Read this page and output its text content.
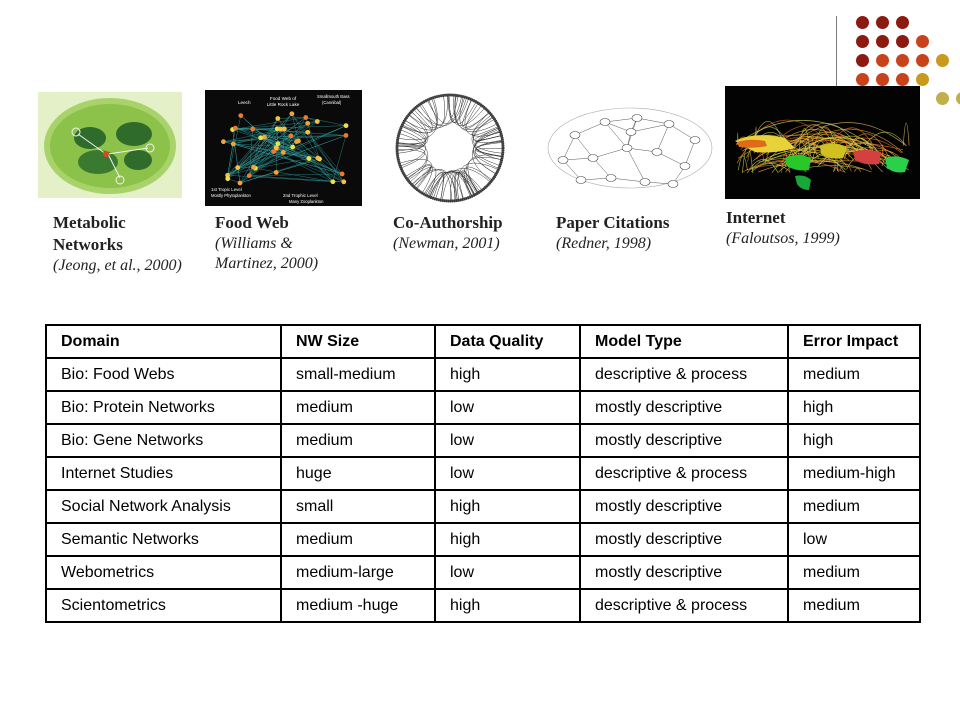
Food Web of
Little Rock Lake
Leech
Smallmouth Bass
(Cannibal)
1st Tropic Level
Mostly Phytoplankton	2nd Trophic Level
Many Zooplankton
Metabolic
Networks
(Jeong, et al., 2000)
Food Web
(Williams &
Martinez, 2000)
Co-Authorship
(Newman, 2001)
Paper Citations
(Redner, 1998)
Internet
(Faloutsos, 1999)
Domain	NW Size	Data Quality	Model Type	Error Impact
Bio: Food Webs	small-medium	high	descriptive & process	medium
Bio: Protein Networks	medium	low	mostly descriptive	high
Bio: Gene Networks	medium	low	mostly descriptive	high
Internet Studies	huge	low	descriptive & process	medium-high
Social Network Analysis	small	high	mostly descriptive	medium
Semantic Networks	medium	high	mostly descriptive	low
Webometrics	medium-large	low	mostly descriptive	medium
Scientometrics	medium -huge	high	descriptive & process	medium
